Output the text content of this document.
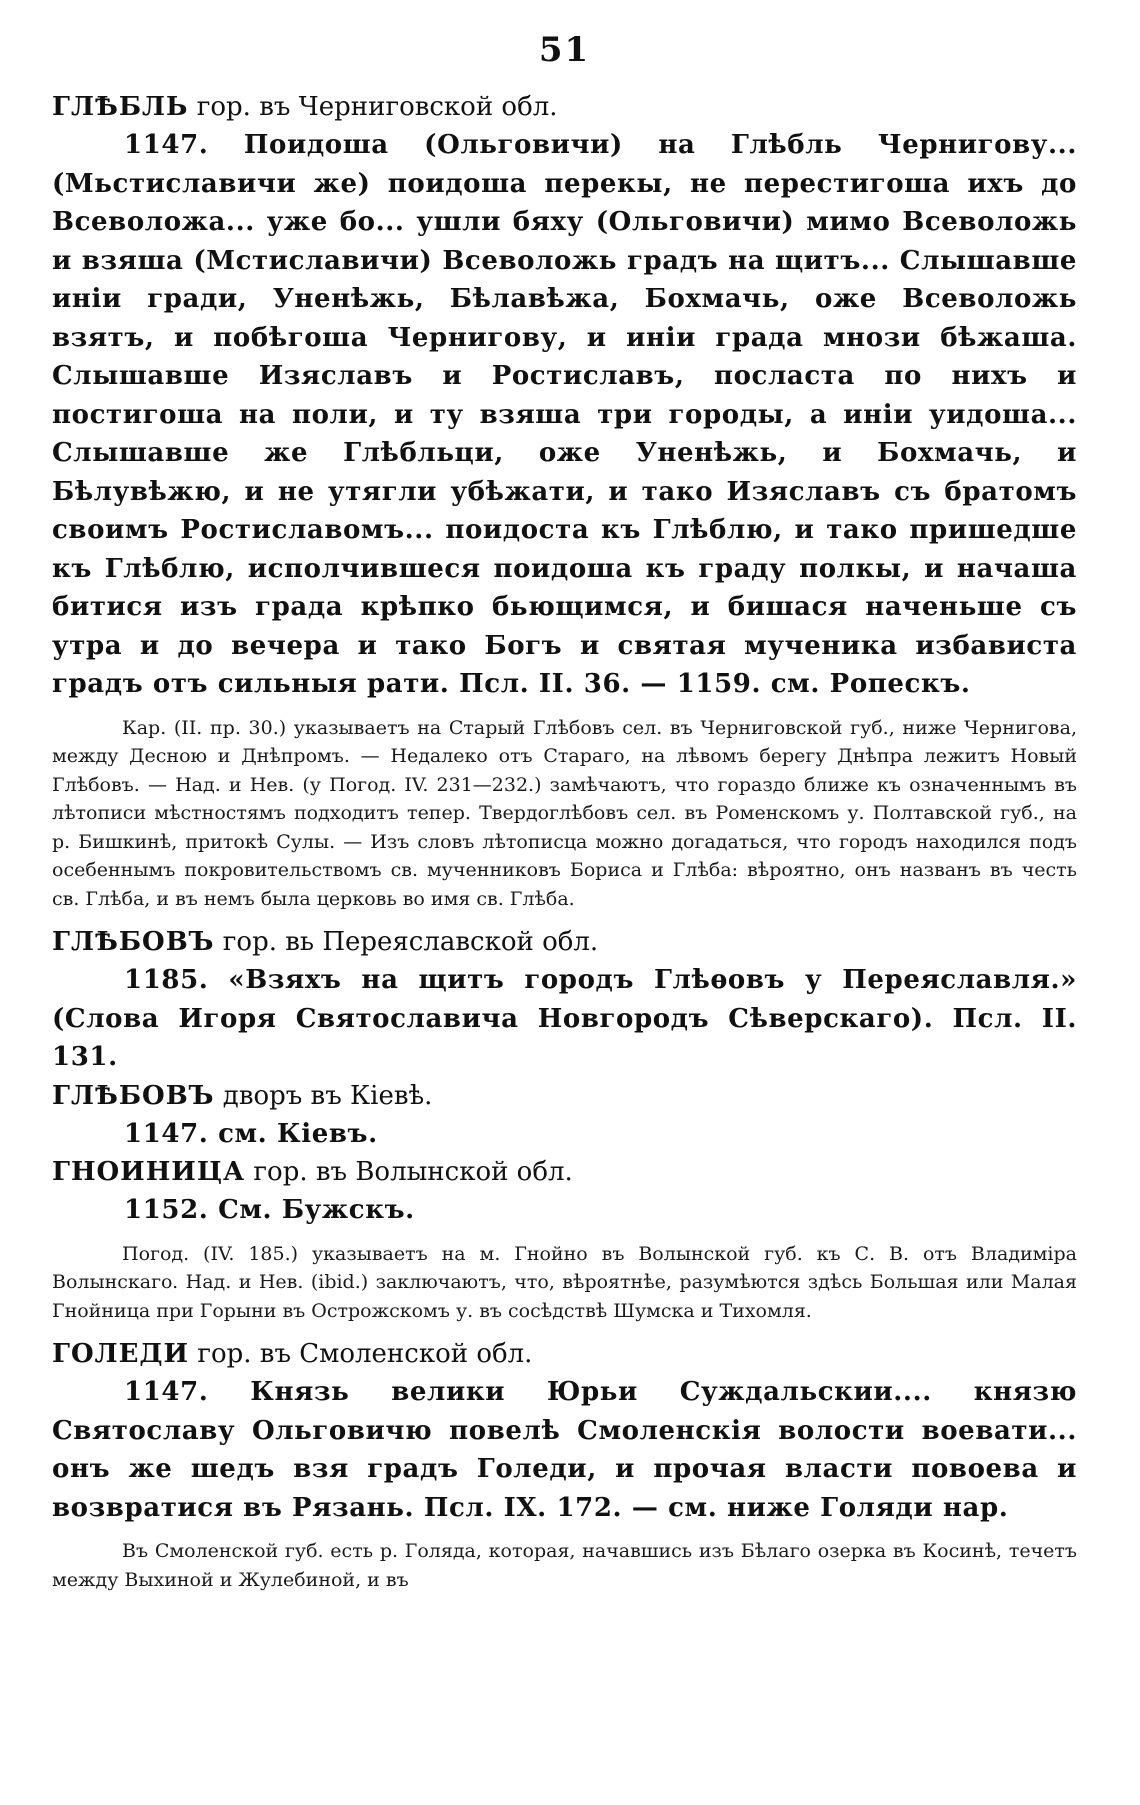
51

ГЛѢБЛЬ гор. въ Черниговской обл.

1147. Поидоша (Ольговичи) на Глѣбль Чернигову... (Мьстиславичи же) поидоша перекы, не перестигоша ихъ до Всеволожа... уже бо... ушли бяху (Ольговичи) мимо Всеволожь и взяша (Мстиславичи) Всеволожь градъ на щитъ... Слышавше иніи гради, Уненѣжь, Бѣлавѣжа, Бохмачь, оже Всеволожь взятъ, и побѣгоша Чернигову, и иніи града мнози бѣжаша. Слышавше Изяславъ и Ростиславъ, посласта по нихъ и постигоша на поли, и ту взяша три городы, а иніи уидоша... Слышавше же Глѣбльци, оже Уненѣжь, и Бохмачь, и Бѣлувѣжю, и не утягли убѣжати, и тако Изяславъ съ братомъ своимъ Ростиславомъ... поидоста къ Глѣблю, и тако пришедше къ Глѣблю, исполчившеся поидоша къ граду полкы, и начаша битися изъ града крѣпко бьющимся, и бишася наченьше съ утра и до вечера и тако Богъ и святая мученика избависта градъ отъ сильныя рати. Псл. II. 36. — 1159. см. Ропескъ.

Кар. (II. пр. 30.) указываетъ на Старый Глѣбовъ сел. въ Черниговской губ., ниже Чернигова, между Десною и Днѣпромъ. — Недалеко отъ Стараго, на лѣвомъ берегу Днѣпра лежитъ Новый Глѣбовъ. — Над. и Нев. (у Погод. IV. 231—232.) замѣчаютъ, что гораздо ближе къ означеннымъ въ лѣтописи мѣстностямъ подходитъ тепер. Твердоглѣбовъ сел. въ Роменскомъ у. Полтавской губ., на р. Бишкинѣ, притокѣ Сулы. — Изъ словъ лѣтописца можно догадаться, что городъ находился подъ осебеннымъ покровительствомъ св. мученниковъ Бориса и Глѣба: вѣроятно, онъ названъ въ честь св. Глѣба, и въ немъ была церковь во имя св. Глѣба.

ГЛѢБОВЪ гор. вь Переяславской обл.

1185. «Взяхъ на щитъ городъ Глѣѳовъ у Переяславля.» (Слова Игоря Святославича Новгородъ Сѣверскаго). Псл. II. 131.

ГЛѢБОВЪ дворъ въ Кіевѣ.

1147. см. Кіевъ.

ГНОИНИЦА гор. въ Волынской обл.

1152. См. Бужскъ.

Погод. (IV. 185.) указываетъ на м. Гнойно въ Волынской губ. къ С. В. отъ Владиміра Волынскагo. Над. и Нев. (ibid.) заключаютъ, что, вѣроятнѣе, разумѣются здѣсь Большая или Малая Гнойница при Горыни въ Острожскомъ у. въ сосѣдствѣ Шумска и Тихомля.

ГОЛЕДИ гор. въ Смоленской обл.

1147. Князь велики Юрьи Суждальскии.... князю Святославу Ольговичю повелѣ Смоленскія волости воевати... онъ же шедъ взя градъ Голеди, и прочая власти повоева и возвратися въ Рязань. Псл. IX. 172. — см. ниже Голяди нар.

Въ Смоленской губ. есть р. Голяда, которая, начавшись изъ Бѣлаго озерка въ Косинѣ, течетъ между Выхиной и Жулебиной, и въ
